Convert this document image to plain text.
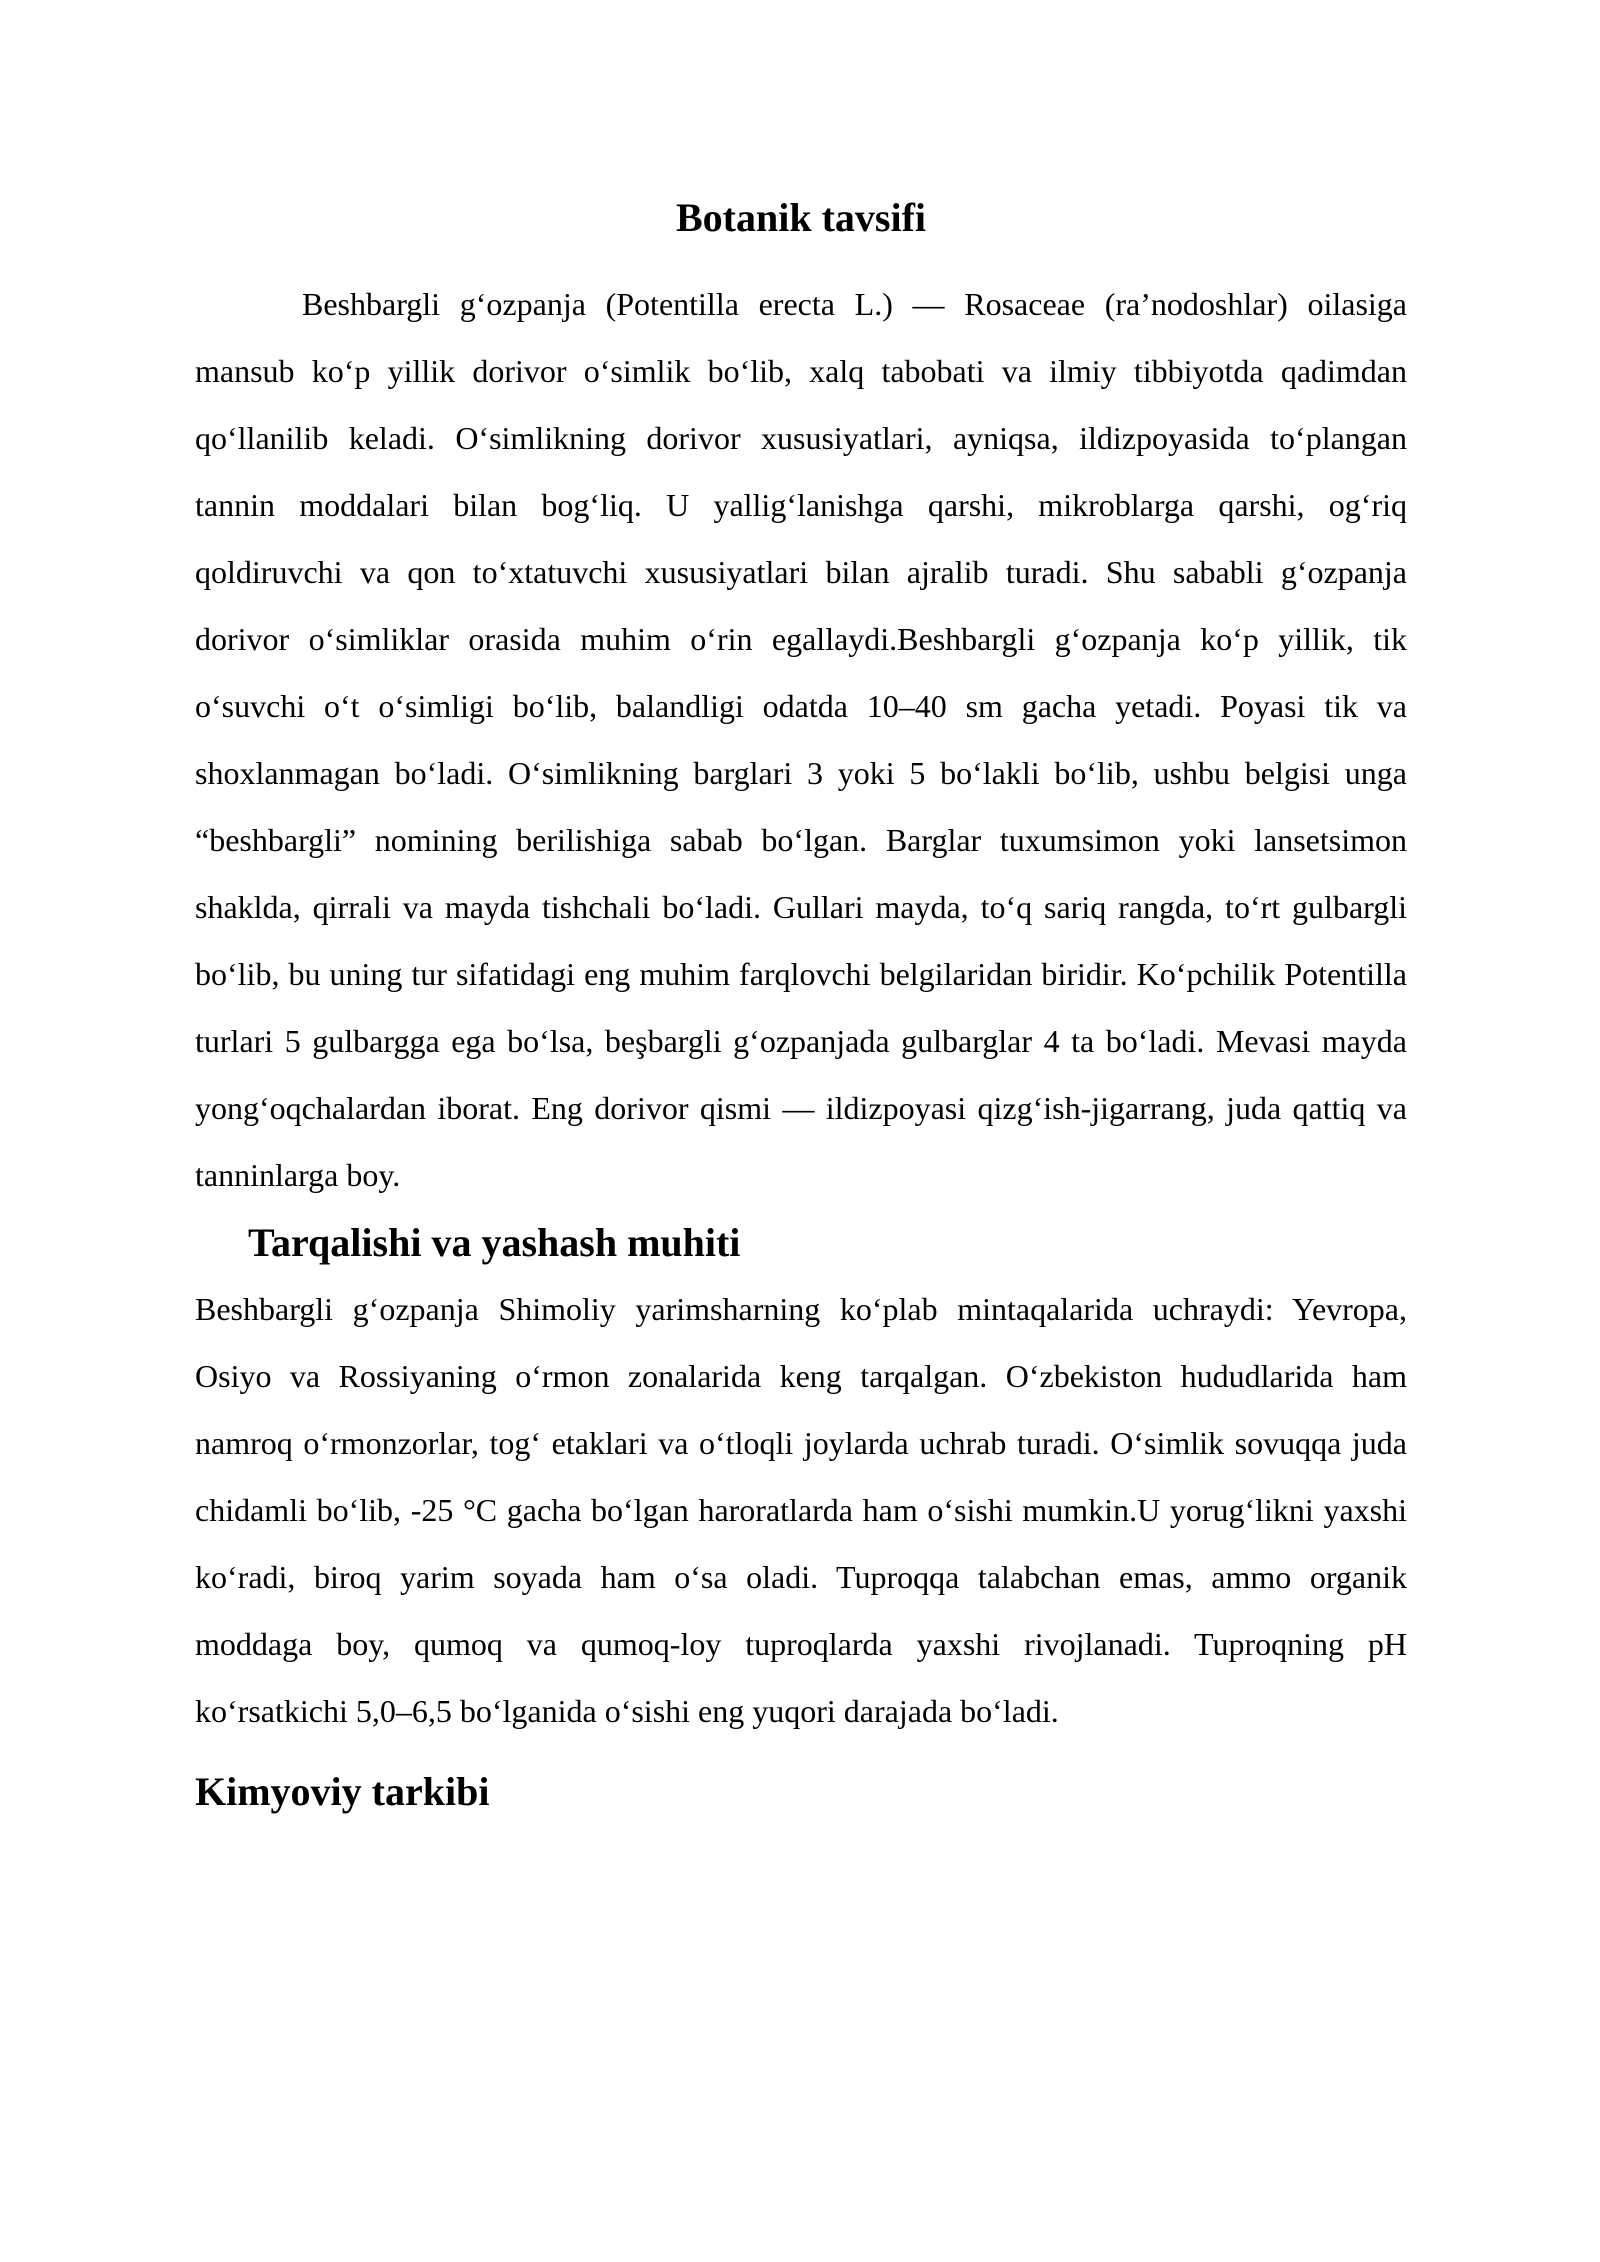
Botanik tavsifi

Beshbargli g‘ozpanja (Potentilla erecta L.) — Rosaceae (ra’nodoshlar) oilasiga mansub ko‘p yillik dorivor o‘simlik bo‘lib, xalq tabobati va ilmiy tibbiyotda qadimdan qo‘llanilib keladi. O‘simlikning dorivor xususiyatlari, ayniqsa, ildizpoyasida to‘plangan tannin moddalari bilan bog‘liq. U yallig‘lanishga qarshi, mikroblarga qarshi, og‘riq qoldiruvchi va qon to‘xtatuvchi xususiyatlari bilan ajralib turadi. Shu sababli g‘ozpanja dorivor o‘simliklar orasida muhim o‘rin egallaydi.Beshbargli g‘ozpanja ko‘p yillik, tik o‘suvchi o‘t o‘simligi bo‘lib, balandligi odatda 10–40 sm gacha yetadi. Poyasi tik va shoxlanmagan bo‘ladi. O‘simlikning barglari 3 yoki 5 bo‘lakli bo‘lib, ushbu belgisi unga “beshbargli” nomining berilishiga sabab bo‘lgan. Barglar tuxumsimon yoki lansetsimon shaklda, qirrali va mayda tishchali bo‘ladi. Gullari mayda, to‘q sariq rangda, to‘rt gulbargli bo‘lib, bu uning tur sifatidagi eng muhim farqlovchi belgilaridan biridir. Ko‘pchilik Potentilla turlari 5 gulbargga ega bo‘lsa, beşbargli g‘ozpanjada gulbarglar 4 ta bo‘ladi. Mevasi mayda yong‘oqchalardan iborat. Eng dorivor qismi — ildizpoyasi qizg‘ish-jigarrang, juda qattiq va tanninlarga boy.

Tarqalishi va yashash muhiti

Beshbargli g‘ozpanja Shimoliy yarimsharning ko‘plab mintaqalarida uchraydi: Yevropa, Osiyo va Rossiyaning o‘rmon zonalarida keng tarqalgan. O‘zbekiston hududlarida ham namroq o‘rmonzorlar, tog‘ etaklari va o‘tloqli joylarda uchrab turadi. O‘simlik sovuqqa juda chidamli bo‘lib, -25 °C gacha bo‘lgan haroratlarda ham o‘sishi mumkin.U yorug‘likni yaxshi ko‘radi, biroq yarim soyada ham o‘sa oladi. Tuproqqa talabchan emas, ammo organik moddaga boy, qumoq va qumoq-loy tuproqlarda yaxshi rivojlanadi. Tuproqning pH ko‘rsatkichi 5,0–6,5 bo‘lganida o‘sishi eng yuqori darajada bo‘ladi.

Kimyoviy tarkibi
